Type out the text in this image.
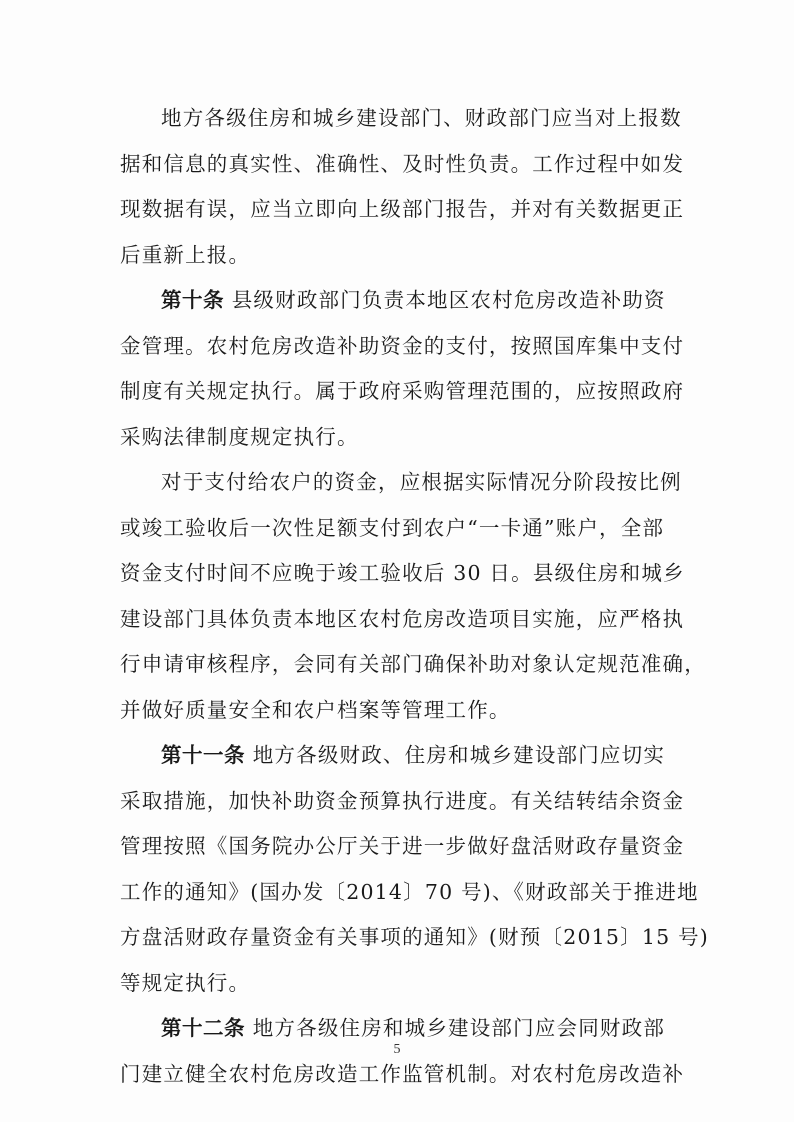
地方各级住房和城乡建设部门、财政部门应当对上报数
据和信息的真实性、准确性、及时性负责。工作过程中如发
现数据有误，应当立即向上级部门报告，并对有关数据更正
后重新上报。

第十条 县级财政部门负责本地区农村危房改造补助资
金管理。农村危房改造补助资金的支付，按照国库集中支付
制度有关规定执行。属于政府采购管理范围的，应按照政府
采购法律制度规定执行。

对于支付给农户的资金，应根据实际情况分阶段按比例
或竣工验收后一次性足额支付到农户“一卡通”账户，全部
资金支付时间不应晚于竣工验收后 30 日。县级住房和城乡
建设部门具体负责本地区农村危房改造项目实施，应严格执
行申请审核程序，会同有关部门确保补助对象认定规范准确，
并做好质量安全和农户档案等管理工作。

第十一条 地方各级财政、住房和城乡建设部门应切实
采取措施，加快补助资金预算执行进度。有关结转结余资金
管理按照《国务院办公厅关于进一步做好盘活财政存量资金
工作的通知》(国办发〔2014〕70 号)、《财政部关于推进地
方盘活财政存量资金有关事项的通知》(财预〔2015〕15 号)
等规定执行。

第十二条 地方各级住房和城乡建设部门应会同财政部
门建立健全农村危房改造工作监管机制。对农村危房改造补

5
